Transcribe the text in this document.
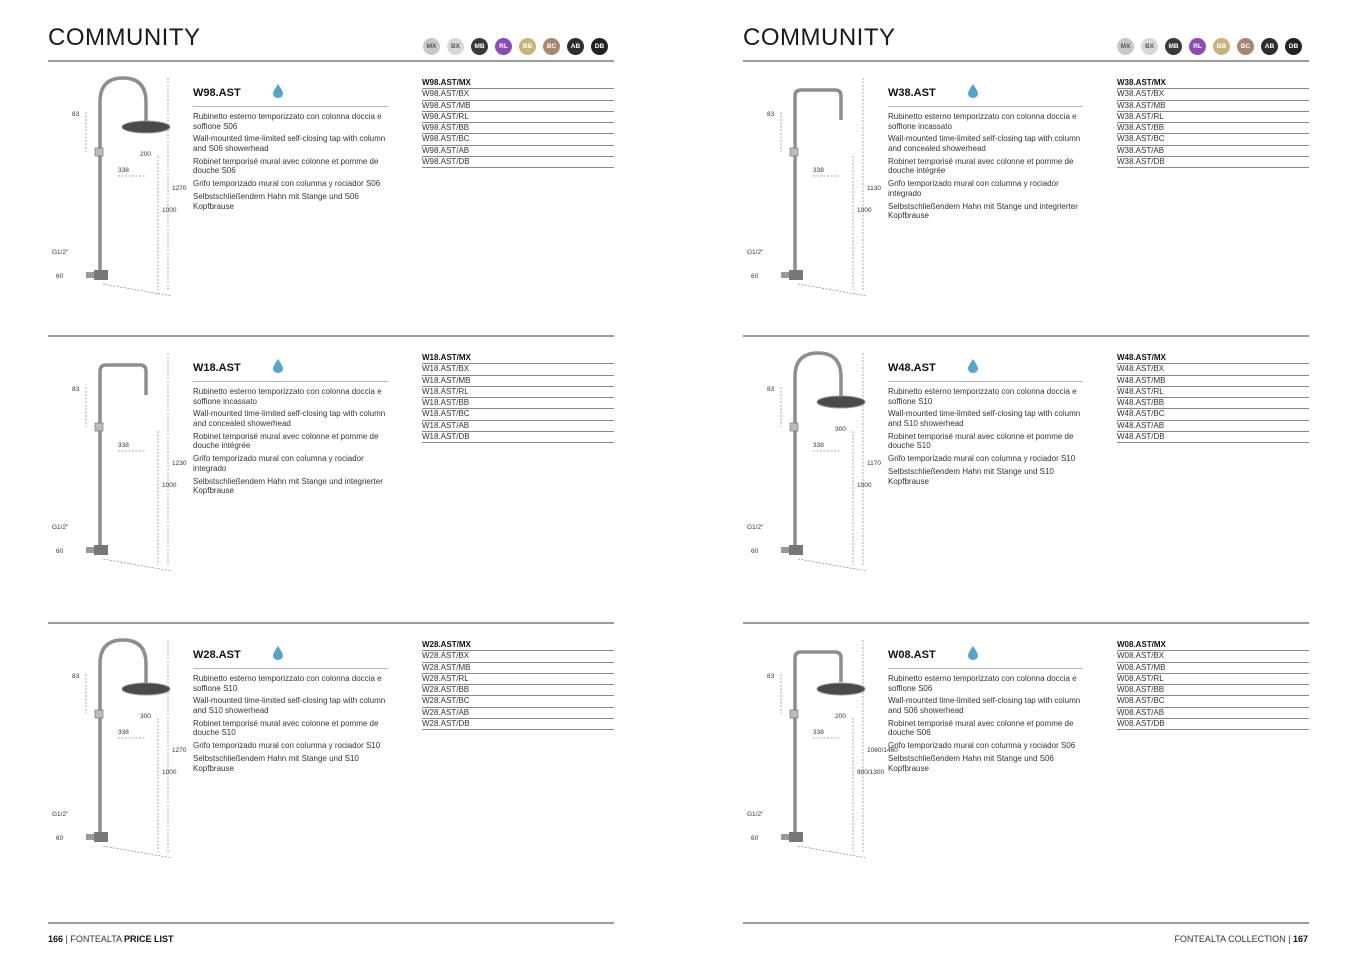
COMMUNITY	MX	BX	MB	RL	BB	BC	AB	DB
166 | FONTEALTA PRICE LIST
83
200
338
1270
1000
G1/2"
60
W98.AST

Rubinetto esterno temporizzato con colonna doccia e soffione S06

Wall-mounted time-limited self-closing tap with column and S06 showerhead

Robinet temporisé mural avec colonne et pomme de douche S06

Grifo temporizado mural con columna y rociador S06

Selbstschließendem Hahn mit Stange und S06 Kopfbrause

W98.AST/MX
W98.AST/BX
W98.AST/MB
W98.AST/RL
W98.AST/BB
W98.AST/BC
W98.AST/AB
W98.AST/DB
83
338
1230
1000
G1/2"
60
W18.AST

Rubinetto esterno temporizzato con colonna doccia e soffione incassato

Wall-mounted time-limited self-closing tap with column and concealed showerhead

Robinet temporisé mural avec colonne et pomme de douche intégrée

Grifo temporizado mural con columna y rociador integrado

Selbstschließendem Hahn mit Stange und integrierter Kopfbrause

W18.AST/MX
W18.AST/BX
W18.AST/MB
W18.AST/RL
W18.AST/BB
W18.AST/BC
W18.AST/AB
W18.AST/DB
83
300
338
1270
1000
G1/2"
60
W28.AST

Rubinetto esterno temporizzato con colonna doccia e soffione S10

Wall-mounted time-limited self-closing tap with column and S10 showerhead

Robinet temporisé mural avec colonne et pomme de douche S10

Grifo temporizado mural con columna y rociador S10

Selbstschließendem Hahn mit Stange und S10 Kopfbrause

W28.AST/MX
W28.AST/BX
W28.AST/MB
W28.AST/RL
W28.AST/BB
W28.AST/BC
W28.AST/AB
W28.AST/DB
COMMUNITY	MX	BX	MB	RL	BB	BC	AB	DB
FONTEALTA COLLECTION | 167
83
338
1130
1000
G1/2"
60
W38.AST

Rubinetto esterno temporizzato con colonna doccia e soffione incassato

Wall-mounted time-limited self-closing tap with column and concealed showerhead

Robinet temporisé mural avec colonne et pomme de douche intégrée

Grifo temporizado mural con columna y rociador integrado

Selbstschließendem Hahn mit Stange und integrierter Kopfbrause

W38.AST/MX
W38.AST/BX
W38.AST/MB
W38.AST/RL
W38.AST/BB
W38.AST/BC
W38.AST/AB
W38.AST/DB
83
300
338
1170
1000
G1/2"
60
W48.AST

Rubinetto esterno temporizzato con colonna doccia e soffione S10

Wall-mounted time-limited self-closing tap with column and S10 showerhead

Robinet temporisé mural avec colonne et pomme de douche S10

Grifo temporizado mural con columna y rociador S10

Selbstschließendem Hahn mit Stange und S10 Kopfbrause

W48.AST/MX
W48.AST/BX
W48.AST/MB
W48.AST/RL
W48.AST/BB
W48.AST/BC
W48.AST/AB
W48.AST/DB
83
200
338
1060/1460
900/1300
G1/2"
60
W08.AST

Rubinetto esterno temporizzato con colonna doccia e soffione S06

Wall-mounted time-limited self-closing tap with column and S06 showerhead

Robinet temporisé mural avec colonne et pomme de douche S06

Grifo temporizado mural con columna y rociador S06

Selbstschließendem Hahn mit Stange und S06 Kopfbrause

W08.AST/MX
W08.AST/BX
W08.AST/MB
W08.AST/RL
W08.AST/BB
W08.AST/BC
W08.AST/AB
W08.AST/DB
